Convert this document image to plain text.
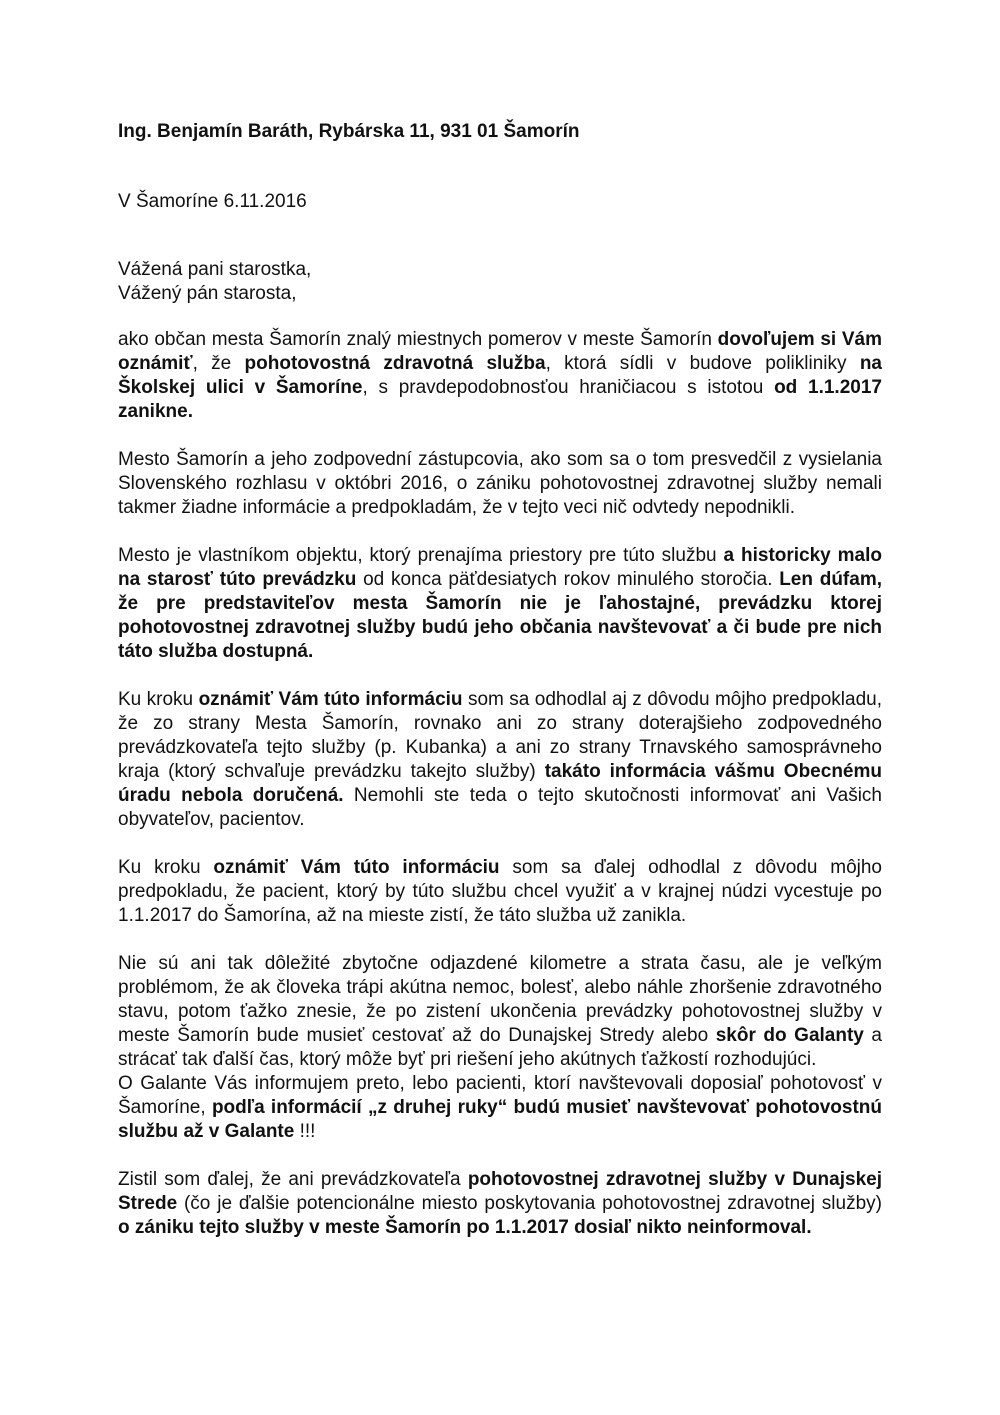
Ing. Benjamín Baráth, Rybárska 11, 931 01 Šamorín
V Šamoríne 6.11.2016
Vážená pani starostka,
Vážený pán starosta,

ako občan mesta Šamorín znalý miestnych pomerov v meste Šamorín dovoľujem si Vám oznámiť, že pohotovostná zdravotná služba, ktorá sídli v budove polikliniky na Školskej ulici v Šamoríne, s pravdepodobnosťou hraničiacou s istotou od 1.1.2017 zanikne.

Mesto Šamorín a jeho zodpovední zástupcovia, ako som sa o tom presvedčil z vysielania Slovenského rozhlasu v októbri 2016, o zániku pohotovostnej zdravotnej služby nemali takmer žiadne informácie a predpokladám, že v tejto veci nič odvtedy nepodnikli.

Mesto je vlastníkom objektu, ktorý prenajíma priestory pre túto službu a historicky malo na starosť túto prevádzku od konca päťdesiatych rokov minulého storočia. Len dúfam, že pre predstaviteľov mesta Šamorín nie je ľahostajné, prevádzku ktorej pohotovostnej zdravotnej služby budú jeho občania navštevovať a či bude pre nich táto služba dostupná.

Ku kroku oznámiť Vám túto informáciu som sa odhodlal aj z dôvodu môjho predpokladu, že zo strany Mesta Šamorín, rovnako ani zo strany doterajšieho zodpovedného prevádzkovateľa tejto služby (p. Kubanka) a ani zo strany Trnavského samosprávneho kraja (ktorý schvaľuje prevádzku takejto služby) takáto informácia vášmu Obecnému úradu nebola doručená. Nemohli ste teda o tejto skutočnosti informovať ani Vašich obyvateľov, pacientov.

Ku kroku oznámiť Vám túto informáciu som sa ďalej odhodlal z dôvodu môjho predpokladu, že pacient, ktorý by túto službu chcel využiť a v krajnej núdzi vycestuje po 1.1.2017 do Šamorína, až na mieste zistí, že táto služba už zanikla.

Nie sú ani tak dôležité zbytočne odjazdené kilometre a strata času, ale je veľkým problémom, že ak človeka trápi akútna nemoc, bolesť, alebo náhle zhoršenie zdravotného stavu, potom ťažko znesie, že po zistení ukončenia prevádzky pohotovostnej služby v meste Šamorín bude musieť cestovať až do Dunajskej Stredy alebo skôr do Galanty a strácať tak ďalší čas, ktorý môže byť pri riešení jeho akútnych ťažkostí rozhodujúci.

O Galante Vás informujem preto, lebo pacienti, ktorí navštevovali doposiaľ pohotovosť v Šamoríne, podľa informácií „z druhej ruky“ budú musieť navštevovať pohotovostnú službu až v Galante !!!

Zistil som ďalej, že ani prevádzkovateľa pohotovostnej zdravotnej služby v Dunajskej Strede (čo je ďalšie potencionálne miesto poskytovania pohotovostnej zdravotnej služby) o zániku tejto služby v meste Šamorín po 1.1.2017 dosiaľ nikto neinformoval.
